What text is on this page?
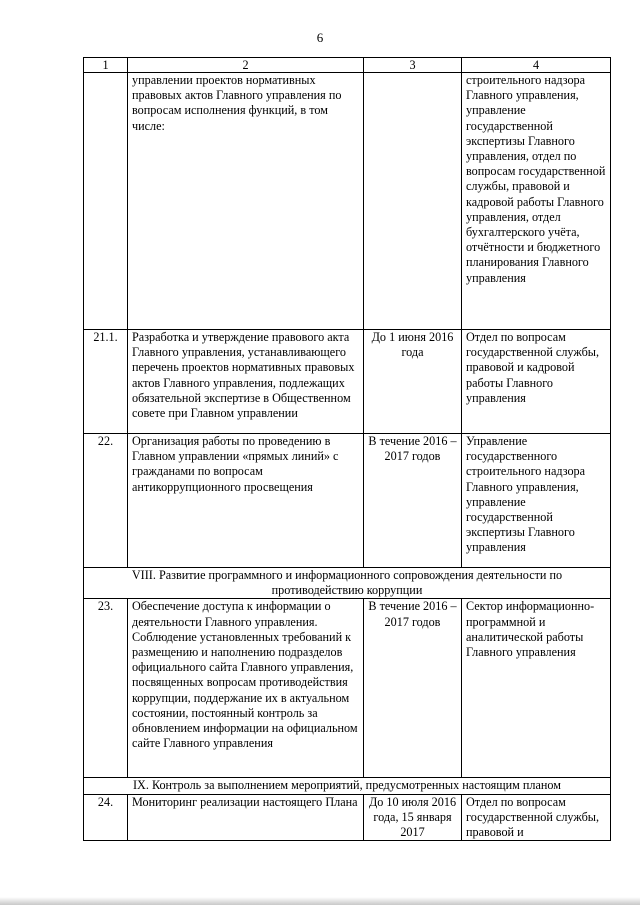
6
1	2	3	4
	управлении проектов нормативных правовых актов Главного управления по вопросам исполнения функций, в том числе:		строительного надзора Главного управления, управление государственной экспертизы Главного управления, отдел по вопросам государственной службы, правовой и кадровой работы Главного управления, отдел бухгалтерского учёта, отчётности и бюджетного планирования Главного управления
21.1.	Разработка и утверждение правового акта Главного управления, устанавливающего перечень проектов нормативных правовых актов Главного управления, подлежащих обязательной экспертизе в Общественном совете при Главном управлении	До 1 июня 2016 года	Отдел по вопросам государственной службы, правовой и кадровой работы Главного управления
22.	Организация работы по проведению в Главном управлении «прямых линий» с гражданами по вопросам антикоррупционного просвещения	В течение 2016 – 2017 годов	Управление государственного строительного надзора Главного управления, управление государственной экспертизы Главного управления
VIII. Развитие программного и информационного сопровождения деятельности по противодействию коррупции			
23.	Обеспечение доступа к информации о деятельности Главного управления. Соблюдение установленных требований к размещению и наполнению подразделов официального сайта Главного управления, посвященных вопросам противодействия коррупции, поддержание их в актуальном состоянии, постоянный контроль за обновлением информации на официальном сайте Главного управления	В течение 2016 – 2017 годов	Сектор информационно-программной и аналитической работы Главного управления
IX. Контроль за выполнением мероприятий, предусмотренных настоящим планом			
24.	Мониторинг реализации настоящего Плана	До 10 июля 2016 года, 15 января 2017	Отдел по вопросам государственной службы, правовой и
